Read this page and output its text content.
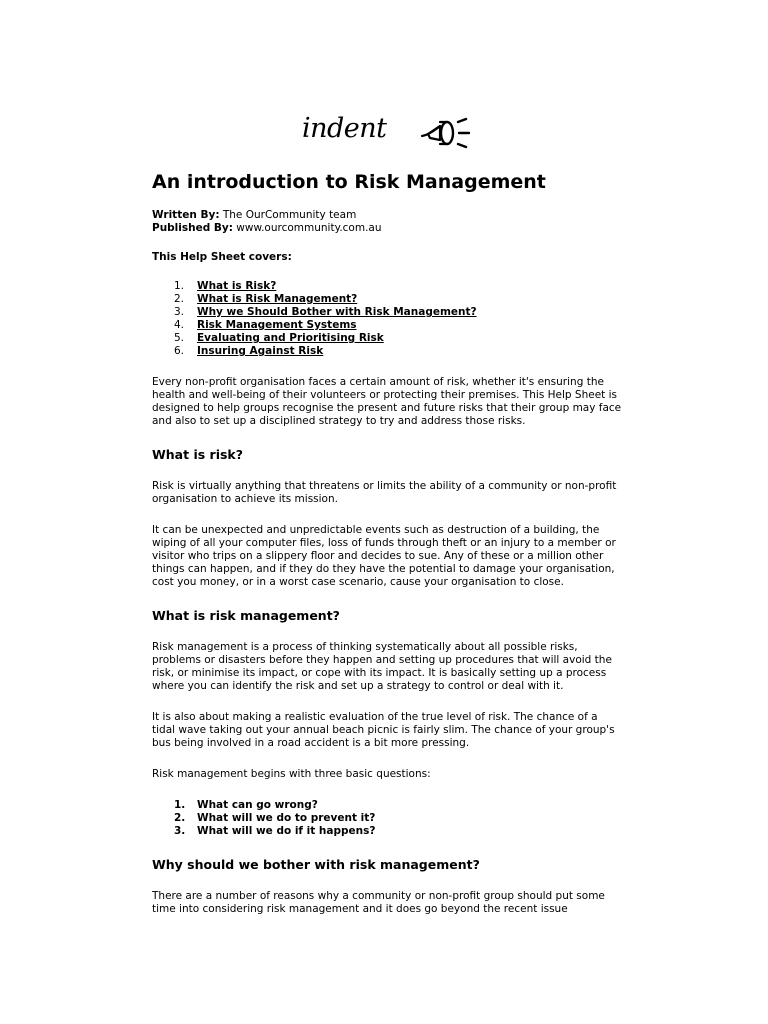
indent
An introduction to Risk Management
Written By: The OurCommunity team
Published By: www.ourcommunity.com.au

This Help Sheet covers:

1.	What is Risk?
2.	What is Risk Management?
3.	Why we Should Bother with Risk Management?
4.	Risk Management Systems
5.	Evaluating and Prioritising Risk
6.	Insuring Against Risk

Every non-profit organisation faces a certain amount of risk, whether it's ensuring the health and well-being of their volunteers or protecting their premises. This Help Sheet is designed to help groups recognise the present and future risks that their group may face and also to set up a disciplined strategy to try and address those risks.

What is risk?

Risk is virtually anything that threatens or limits the ability of a community or non-profit organisation to achieve its mission.

It can be unexpected and unpredictable events such as destruction of a building, the wiping of all your computer files, loss of funds through theft or an injury to a member or visitor who trips on a slippery floor and decides to sue. Any of these or a million other things can happen, and if they do they have the potential to damage your organisation, cost you money, or in a worst case scenario, cause your organisation to close.

What is risk management?

Risk management is a process of thinking systematically about all possible risks, problems or disasters before they happen and setting up procedures that will avoid the risk, or minimise its impact, or cope with its impact. It is basically setting up a process where you can identify the risk and set up a strategy to control or deal with it.

It is also about making a realistic evaluation of the true level of risk. The chance of a tidal wave taking out your annual beach picnic is fairly slim. The chance of your group's bus being involved in a road accident is a bit more pressing.

Risk management begins with three basic questions:

1.	What can go wrong?
2.	What will we do to prevent it?
3.	What will we do if it happens?
Why should we bother with risk management?

There are a number of reasons why a community or non-profit group should put some time into considering risk management and it does go beyond the recent issue
